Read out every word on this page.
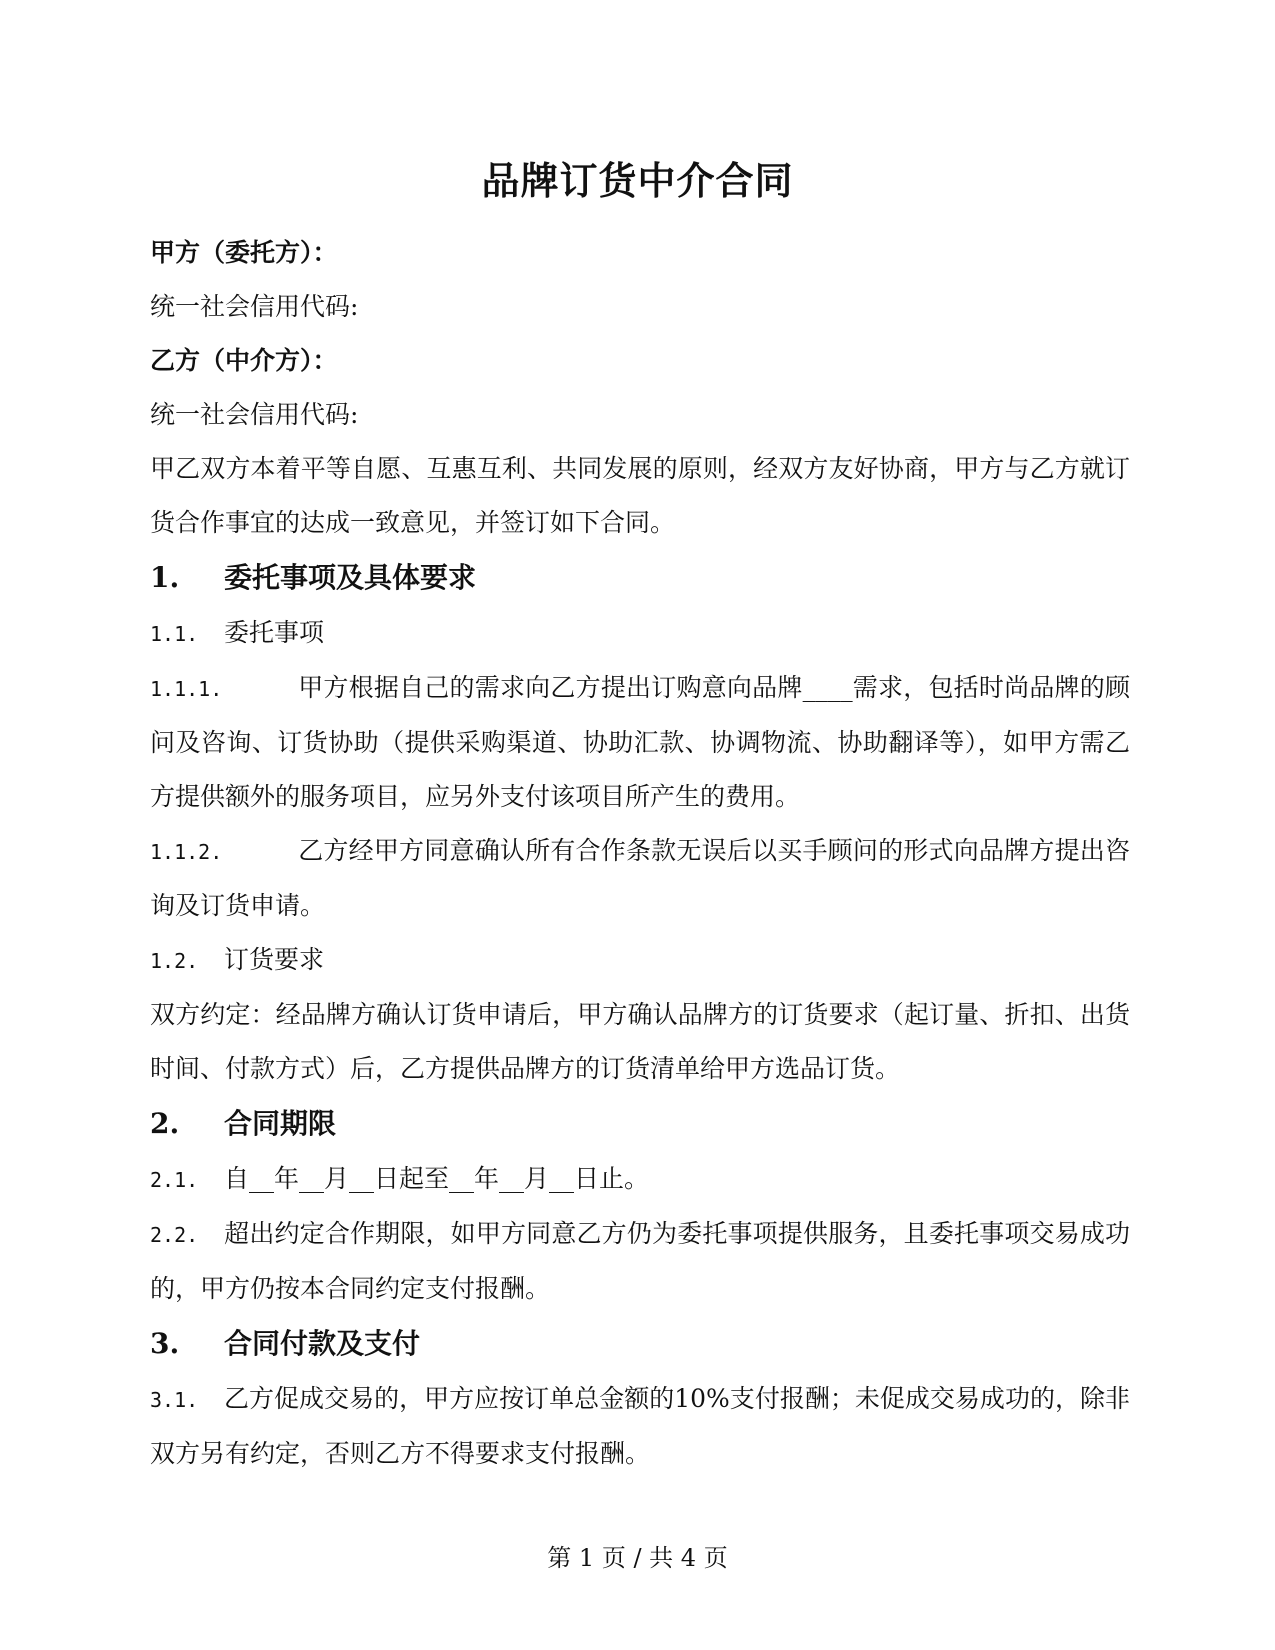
品牌订货中介合同
甲方（委托方）：
统一社会信用代码:
乙方（中介方）：
统一社会信用代码:
甲乙双方本着平等自愿、互惠互利、共同发展的原则，经双方友好协商，甲方与乙方就订货合作事宜的达成一致意见，并签订如下合同。
1. 委托事项及具体要求
1.1. 委托事项
1.1.1.	甲方根据自己的需求向乙方提出订购意向品牌____需求，包括时尚品牌的顾问及咨询、订货协助（提供采购渠道、协助汇款、协调物流、协助翻译等），如甲方需乙方提供额外的服务项目，应另外支付该项目所产生的费用。
1.1.2.	乙方经甲方同意确认所有合作条款无误后以买手顾问的形式向品牌方提出咨询及订货申请。
1.2. 订货要求
双方约定：经品牌方确认订货申请后，甲方确认品牌方的订货要求（起订量、折扣、出货时间、付款方式）后，乙方提供品牌方的订货清单给甲方选品订货。
2. 合同期限
2.1. 自__年__月__日起至__年__月__日止。
2.2. 超出约定合作期限，如甲方同意乙方仍为委托事项提供服务，且委托事项交易成功的，甲方仍按本合同约定支付报酬。
3. 合同付款及支付
3.1. 乙方促成交易的，甲方应按订单总金额的10%支付报酬；未促成交易成功的，除非双方另有约定，否则乙方不得要求支付报酬。
第 1 页 / 共 4 页
